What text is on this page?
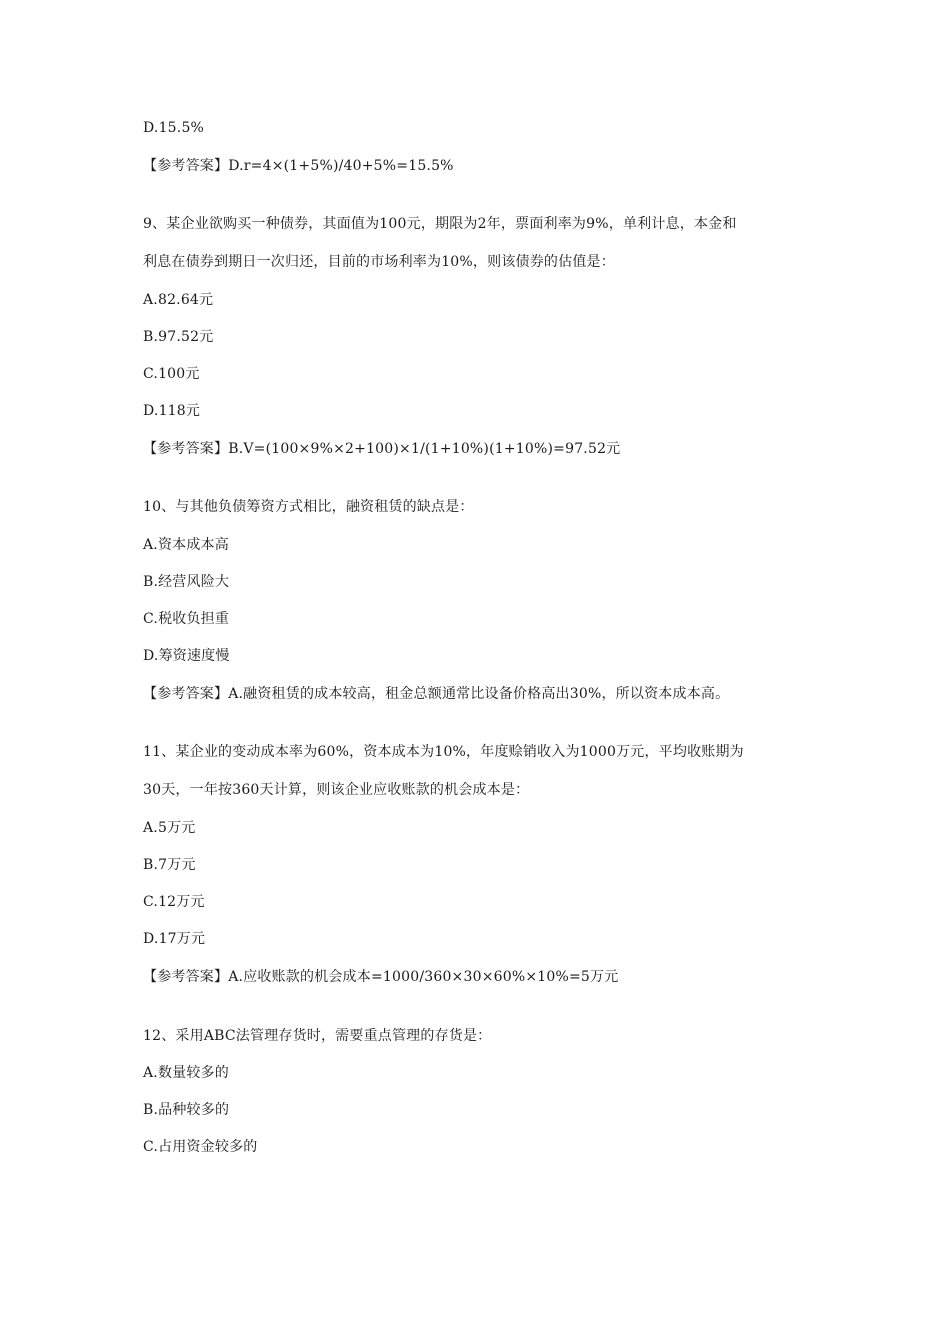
D.15.5%
【参考答案】D.r=4×(1+5%)/40+5%=15.5%
9、某企业欲购买一种债券，其面值为100元，期限为2年，票面利率为9%，单利计息，本金和
利息在债券到期日一次归还，目前的市场利率为10%，则该债券的估值是：
A.82.64元
B.97.52元
C.100元
D.118元
【参考答案】B.V=(100×9%×2+100)×1/(1+10%)(1+10%)=97.52元
10、与其他负债筹资方式相比，融资租赁的缺点是：
A.资本成本高
B.经营风险大
C.税收负担重
D.筹资速度慢
【参考答案】A.融资租赁的成本较高，租金总额通常比设备价格高出30%，所以资本成本高。
11、某企业的变动成本率为60%，资本成本为10%，年度赊销收入为1000万元，平均收账期为
30天，一年按360天计算，则该企业应收账款的机会成本是：
A.5万元
B.7万元
C.12万元
D.17万元
【参考答案】A.应收账款的机会成本=1000/360×30×60%×10%=5万元
12、采用ABC法管理存货时，需要重点管理的存货是：
A.数量较多的
B.品种较多的
C.占用资金较多的
